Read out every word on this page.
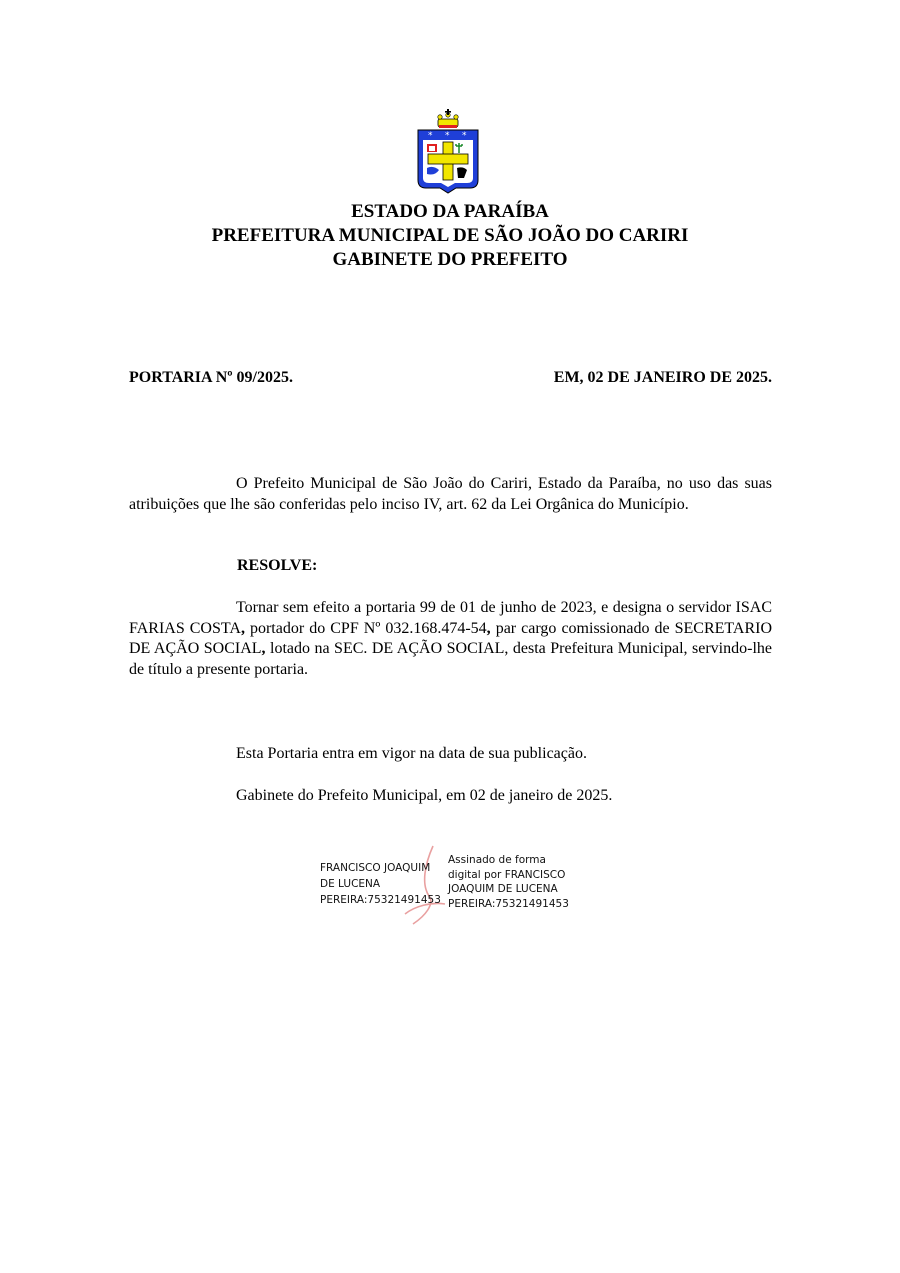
* * *
ESTADO DA PARAÍBA
PREFEITURA MUNICIPAL DE SÃO JOÃO DO CARIRI
GABINETE DO PREFEITO
PORTARIA Nº 09/2025.	EM, 02 DE JANEIRO DE 2025.
O Prefeito Municipal de São João do Cariri, Estado da Paraíba, no uso das suas atribuições que lhe são conferidas pelo inciso IV, art. 62 da Lei Orgânica do Município.
RESOLVE:
Tornar sem efeito a portaria 99 de 01 de junho de 2023, e designa o servidor ISAC FARIAS COSTA, portador do CPF Nº 032.168.474-54, par cargo comissionado de SECRETARIO DE AÇÃO SOCIAL, lotado na SEC. DE AÇÃO SOCIAL, desta Prefeitura Municipal, servindo-lhe de título a presente portaria.
Esta Portaria entra em vigor na data de sua publicação.
Gabinete do Prefeito Municipal, em 02 de janeiro de 2025.
FRANCISCO JOAQUIM
DE LUCENA
PEREIRA:75321491453
Assinado de forma
digital por FRANCISCO
JOAQUIM DE LUCENA
PEREIRA:75321491453
